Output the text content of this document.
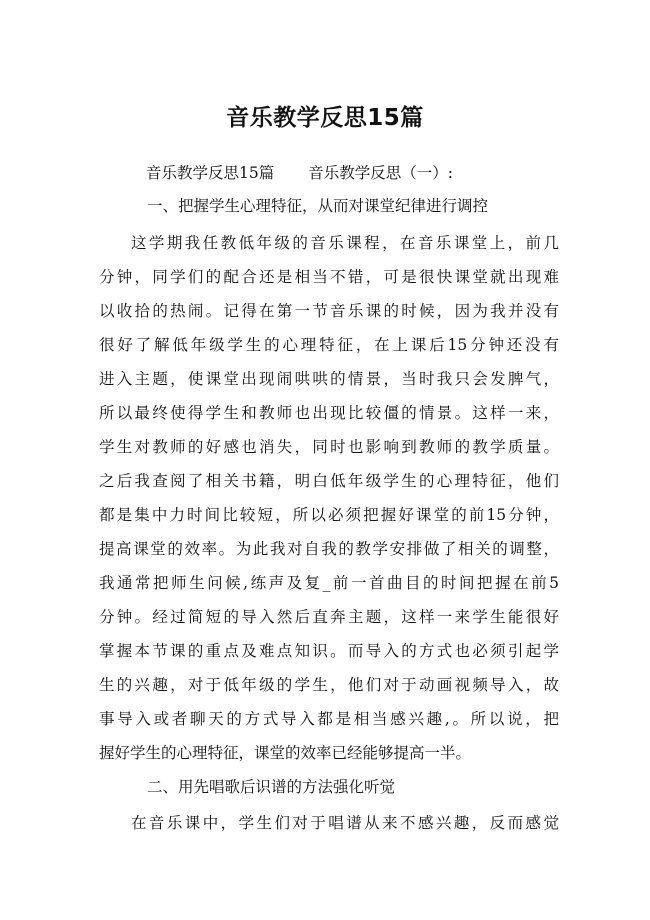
音乐教学反思15篇

音乐教学反思15篇 音乐教学反思（一）:

一、把握学生心理特征，从而对课堂纪律进行调控

这学期我任教低年级的音乐课程，在音乐课堂上，前几

分钟，同学们的配合还是相当不错，可是很快课堂就出现难

以收拾的热闹。记得在第一节音乐课的时候，因为我并没有

很好了解低年级学生的心理特征，在上课后15分钟还没有

进入主题，使课堂出现闹哄哄的情景，当时我只会发脾气，

所以最终使得学生和教师也出现比较僵的情景。这样一来，

学生对教师的好感也消失，同时也影响到教师的教学质量。

之后我查阅了相关书籍，明白低年级学生的心理特征，他们

都是集中力时间比较短，所以必须把握好课堂的前15分钟，

提高课堂的效率。为此我对自我的教学安排做了相关的调整，

我通常把师生问候,练声及复_前一首曲目的时间把握在前5

分钟。经过简短的导入然后直奔主题，这样一来学生能很好

掌握本节课的重点及难点知识。而导入的方式也必须引起学

生的兴趣，对于低年级的学生，他们对于动画视频导入，故

事导入或者聊天的方式导入都是相当感兴趣,。所以说，把

握好学生的心理特征，课堂的效率已经能够提高一半。

二、用先唱歌后识谱的方法强化听觉

在音乐课中，学生们对于唱谱从来不感兴趣，反而感觉
